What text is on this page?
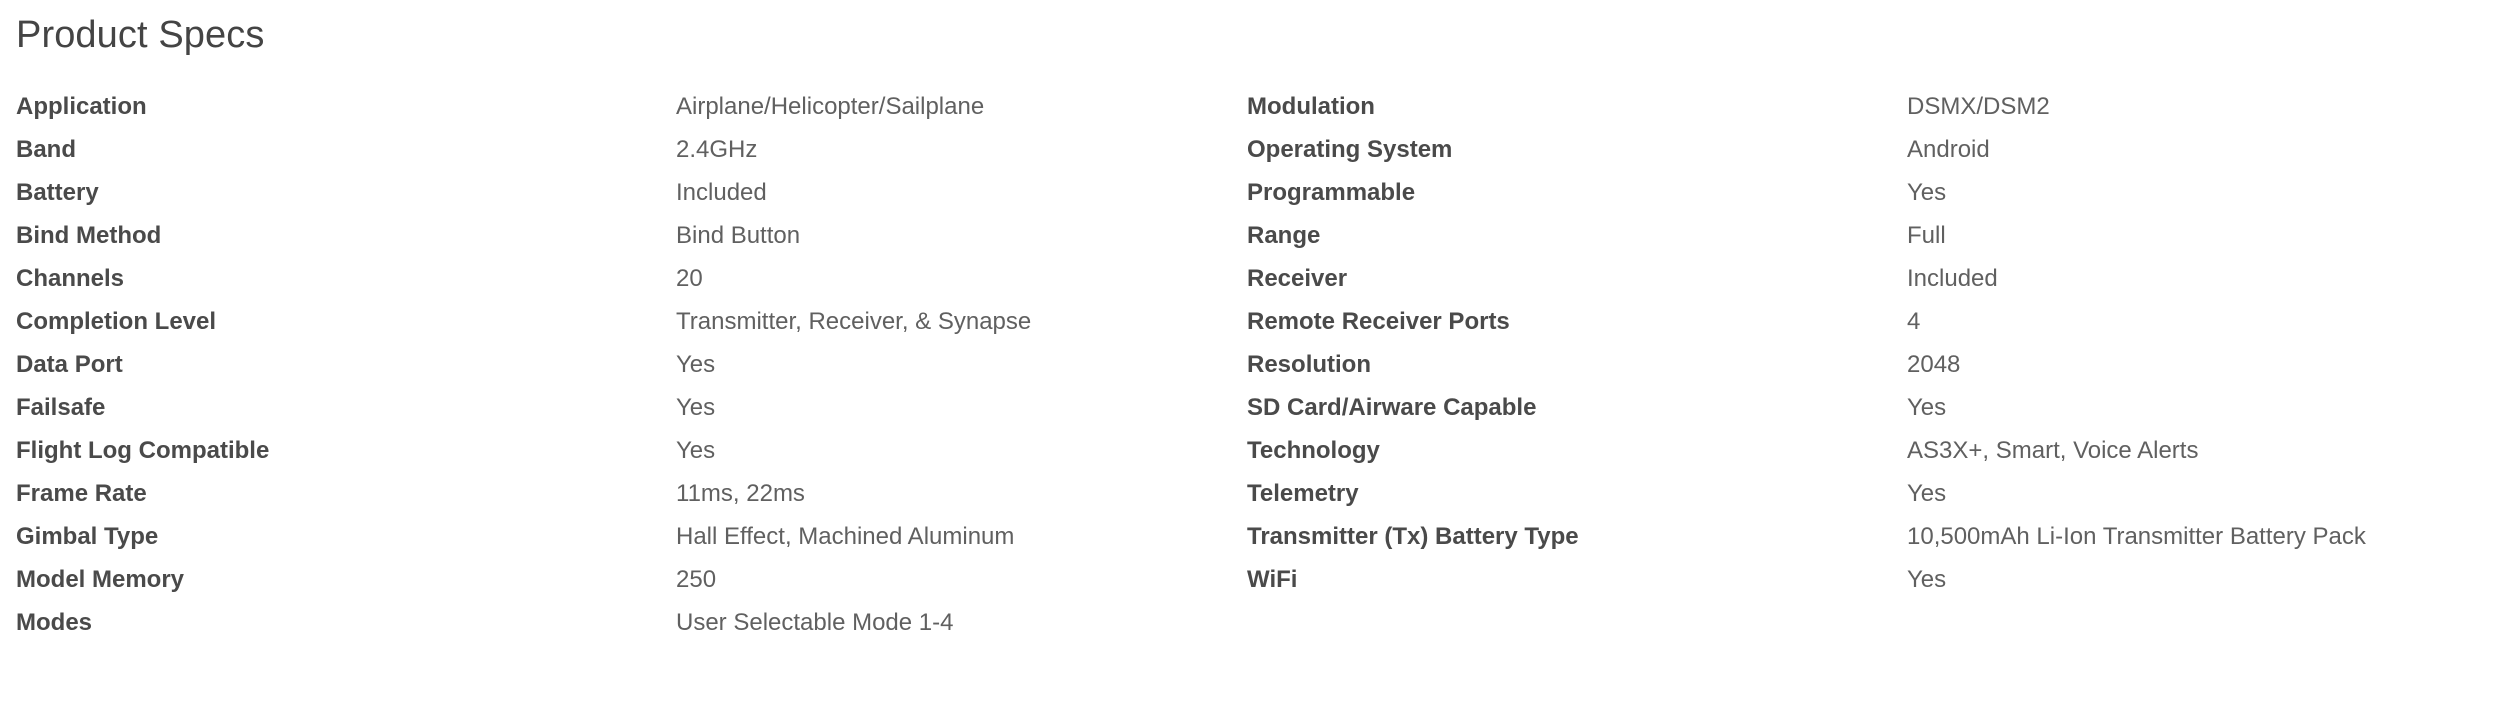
Product Specs
Application	Airplane/Helicopter/Sailplane
Band	2.4GHz
Battery	Included
Bind Method	Bind Button
Channels	20
Completion Level	Transmitter, Receiver, & Synapse
Data Port	Yes
Failsafe	Yes
Flight Log Compatible	Yes
Frame Rate	11ms, 22ms
Gimbal Type	Hall Effect, Machined Aluminum
Model Memory	250
Modes	User Selectable Mode 1-4
Modulation	DSMX/DSM2
Operating System	Android
Programmable	Yes
Range	Full
Receiver	Included
Remote Receiver Ports	4
Resolution	2048
SD Card/Airware Capable	Yes
Technology	AS3X+, Smart, Voice Alerts
Telemetry	Yes
Transmitter (Tx) Battery Type	10,500mAh Li-Ion Transmitter Battery Pack
WiFi	Yes
